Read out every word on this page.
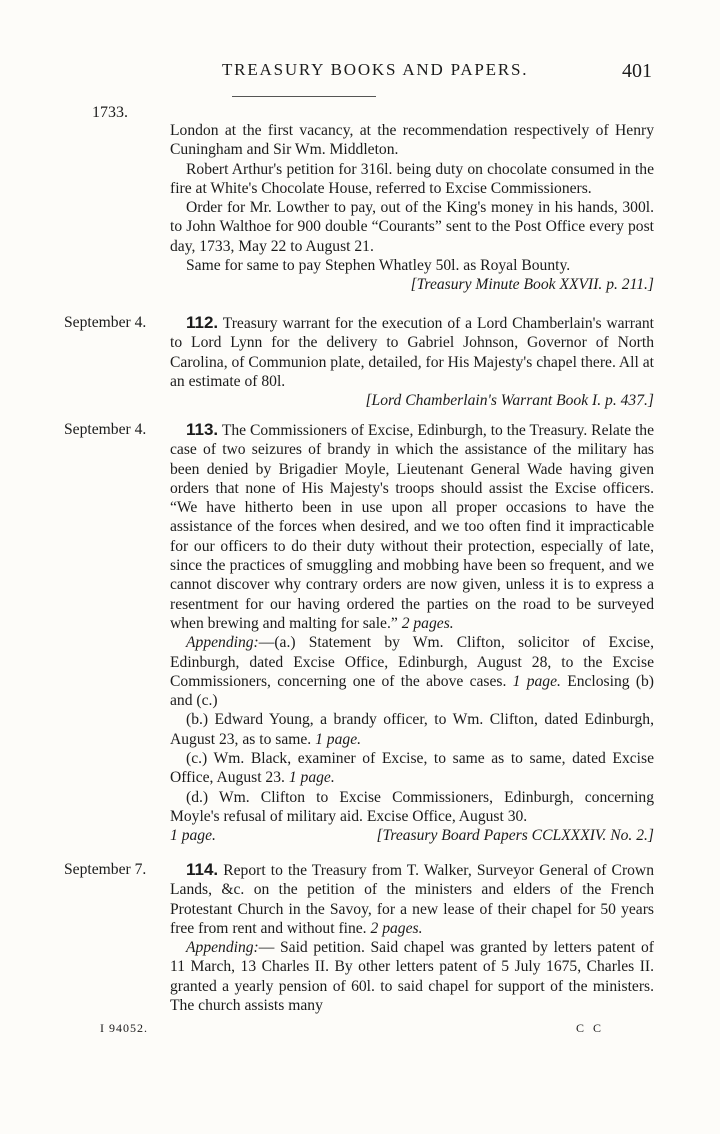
TREASURY BOOKS AND PAPERS.	401
1733.

London at the first vacancy, at the recommendation respectively of Henry Cuningham and Sir Wm. Middleton.

Robert Arthur's petition for 316l. being duty on chocolate consumed in the fire at White's Chocolate House, referred to Excise Commissioners.

Order for Mr. Lowther to pay, out of the King's money in his hands, 300l. to John Walthoe for 900 double “Courants” sent to the Post Office every post day, 1733, May 22 to August 21.

Same for same to pay Stephen Whatley 50l. as Royal Bounty.

[Treasury Minute Book XXVII. p. 211.]

September 4.	112. Treasury warrant for the execution of a Lord Chamberlain's warrant to Lord Lynn for the delivery to Gabriel Johnson, Governor of North Carolina, of Communion plate, detailed, for His Majesty's chapel there. All at an estimate of 80l.

[Lord Chamberlain's Warrant Book I. p. 437.]

September 4.	113. The Commissioners of Excise, Edinburgh, to the Treasury. Relate the case of two seizures of brandy in which the assistance of the military has been denied by Brigadier Moyle, Lieutenant General Wade having given orders that none of His Majesty's troops should assist the Excise officers. “We have hitherto been in use upon all proper occasions to have the assistance of the forces when desired, and we too often find it impracticable for our officers to do their duty without their protection, especially of late, since the practices of smuggling and mobbing have been so frequent, and we cannot discover why contrary orders are now given, unless it is to express a resentment for our having ordered the parties on the road to be surveyed when brewing and malting for sale.” 2 pages.

Appending:—(a.) Statement by Wm. Clifton, solicitor of Excise, Edinburgh, dated Excise Office, Edinburgh, August 28, to the Excise Commissioners, concerning one of the above cases. 1 page. Enclosing (b) and (c.)

(b.) Edward Young, a brandy officer, to Wm. Clifton, dated Edinburgh, August 23, as to same. 1 page.

(c.) Wm. Black, examiner of Excise, to same as to same, dated Excise Office, August 23. 1 page.

(d.) Wm. Clifton to Excise Commissioners, Edinburgh, concerning Moyle's refusal of military aid. Excise Office, August 30.

1 page.	[Treasury Board Papers CCLXXXIV. No. 2.]

September 7.	114. Report to the Treasury from T. Walker, Surveyor General of Crown Lands, &c. on the petition of the ministers and elders of the French Protestant Church in the Savoy, for a new lease of their chapel for 50 years free from rent and without fine. 2 pages.

Appending:— Said petition. Said chapel was granted by letters patent of 11 March, 13 Charles II. By other letters patent of 5 July 1675, Charles II. granted a yearly pension of 60l. to said chapel for support of the ministers. The church assists many

I 94052.	C C
